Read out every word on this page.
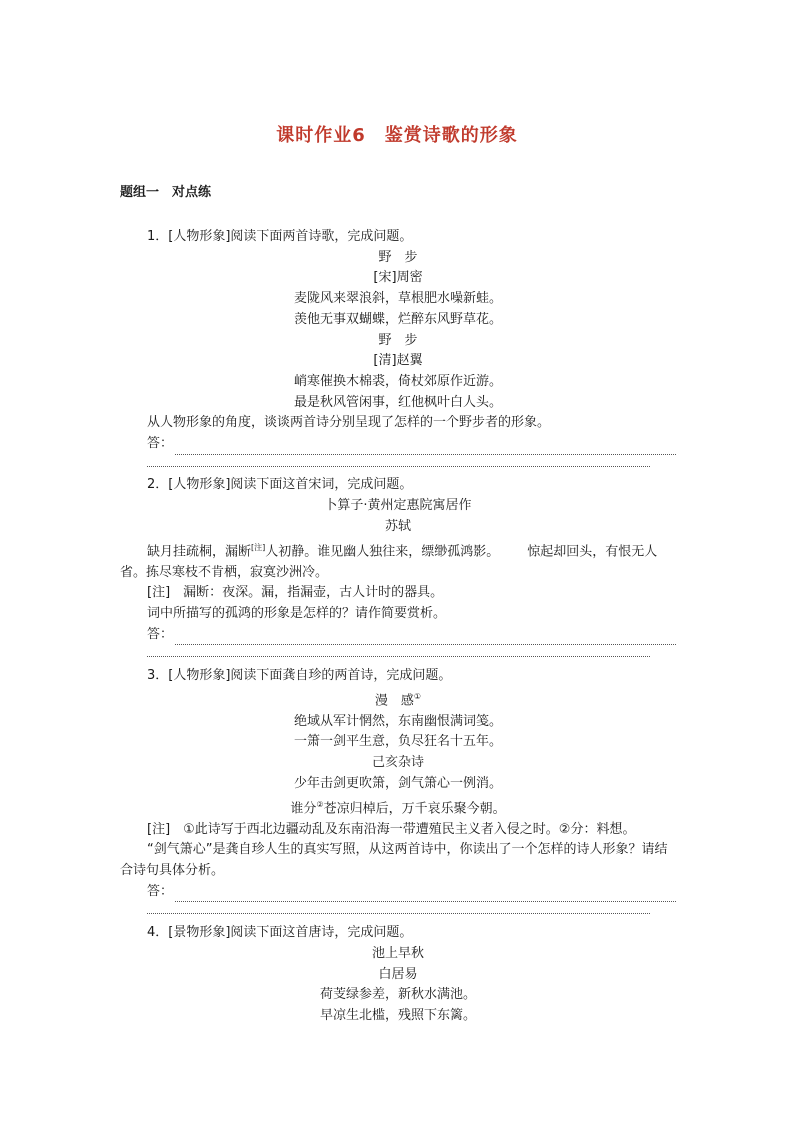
课时作业6　鉴赏诗歌的形象
题组一　对点练
1．[人物形象]阅读下面两首诗歌，完成问题。
野　步
[宋]周密
麦陇风来翠浪斜，草根肥水噪新蛙。
羡他无事双蝴蝶，烂醉东风野草花。
野　步
[清]赵翼
峭寒催换木棉裘，倚杖郊原作近游。
最是秋风管闲事，红他枫叶白人头。
从人物形象的角度，谈谈两首诗分别呈现了怎样的一个野步者的形象。
答：
2．[人物形象]阅读下面这首宋词，完成问题。
卜算子·黄州定惠院寓居作
苏轼
缺月挂疏桐，漏断[注]人初静。谁见幽人独往来，缥缈孤鸿影。 惊起却回头，有恨无人省。拣尽寒枝不肯栖，寂寞沙洲冷。
[注]　漏断：夜深。漏，指漏壶，古人计时的器具。
词中所描写的孤鸿的形象是怎样的？请作简要赏析。
答：
3．[人物形象]阅读下面龚自珍的两首诗，完成问题。
漫　感①
绝域从军计惘然，东南幽恨满词笺。
一箫一剑平生意，负尽狂名十五年。
己亥杂诗
少年击剑更吹箫，剑气箫心一例消。
谁分②苍凉归棹后，万千哀乐聚今朝。
[注]　①此诗写于西北边疆动乱及东南沿海一带遭殖民主义者入侵之时。②分：料想。
“剑气箫心”是龚自珍人生的真实写照，从这两首诗中，你读出了一个怎样的诗人形象？请结合诗句具体分析。
答：
4．[景物形象]阅读下面这首唐诗，完成问题。
池上早秋
白居易
荷芰绿参差，新秋水满池。
早凉生北槛，残照下东篱。
